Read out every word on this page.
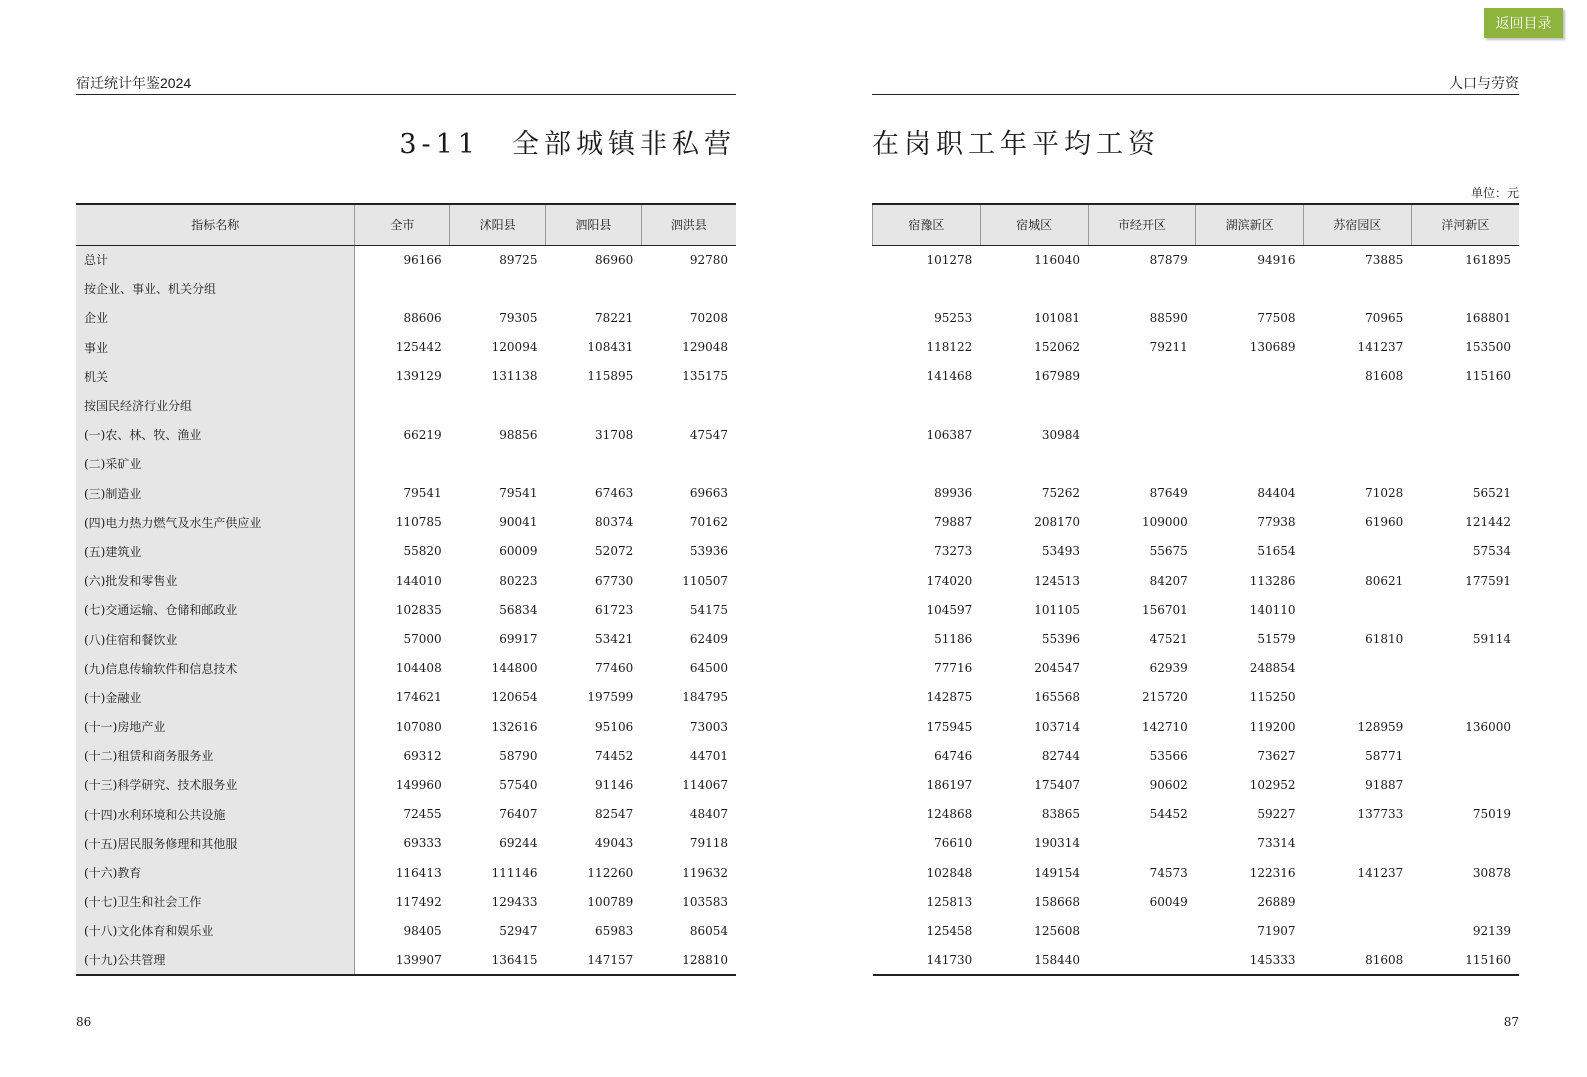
返回目录
宿迁统计年鉴2024
3-11　全部城镇非私营
指标名称	全市	沭阳县	泗阳县	泗洪县
总计	96166	89725	86960	92780
按企业、事业、机关分组				
企业	88606	79305	78221	70208
事业	125442	120094	108431	129048
机关	139129	131138	115895	135175
按国民经济行业分组				
(一)农、林、牧、渔业	66219	98856	31708	47547
(二)采矿业				
(三)制造业	79541	79541	67463	69663
(四)电力热力燃气及水生产供应业	110785	90041	80374	70162
(五)建筑业	55820	60009	52072	53936
(六)批发和零售业	144010	80223	67730	110507
(七)交通运输、仓储和邮政业	102835	56834	61723	54175
(八)住宿和餐饮业	57000	69917	53421	62409
(九)信息传输软件和信息技术	104408	144800	77460	64500
(十)金融业	174621	120654	197599	184795
(十一)房地产业	107080	132616	95106	73003
(十二)租赁和商务服务业	69312	58790	74452	44701
(十三)科学研究、技术服务业	149960	57540	91146	114067
(十四)水利环境和公共设施	72455	76407	82547	48407
(十五)居民服务修理和其他服	69333	69244	49043	79118
(十六)教育	116413	111146	112260	119632
(十七)卫生和社会工作	117492	129433	100789	103583
(十八)文化体育和娱乐业	98405	52947	65983	86054
(十九)公共管理	139907	136415	147157	128810
86
人口与劳资
在岗职工年平均工资
单位：元
宿豫区	宿城区	市经开区	湖滨新区	苏宿园区	洋河新区
101278	116040	87879	94916	73885	161895

95253	101081	88590	77508	70965	168801
118122	152062	79211	130689	141237	153500
141468	167989			81608	115160

106387	30984				

89936	75262	87649	84404	71028	56521
79887	208170	109000	77938	61960	121442
73273	53493	55675	51654		57534
174020	124513	84207	113286	80621	177591
104597	101105	156701	140110		
51186	55396	47521	51579	61810	59114
77716	204547	62939	248854		
142875	165568	215720	115250		
175945	103714	142710	119200	128959	136000
64746	82744	53566	73627	58771	
186197	175407	90602	102952	91887	
124868	83865	54452	59227	137733	75019
76610	190314		73314		
102848	149154	74573	122316	141237	30878
125813	158668	60049	26889		
125458	125608		71907		92139
141730	158440		145333	81608	115160
87
